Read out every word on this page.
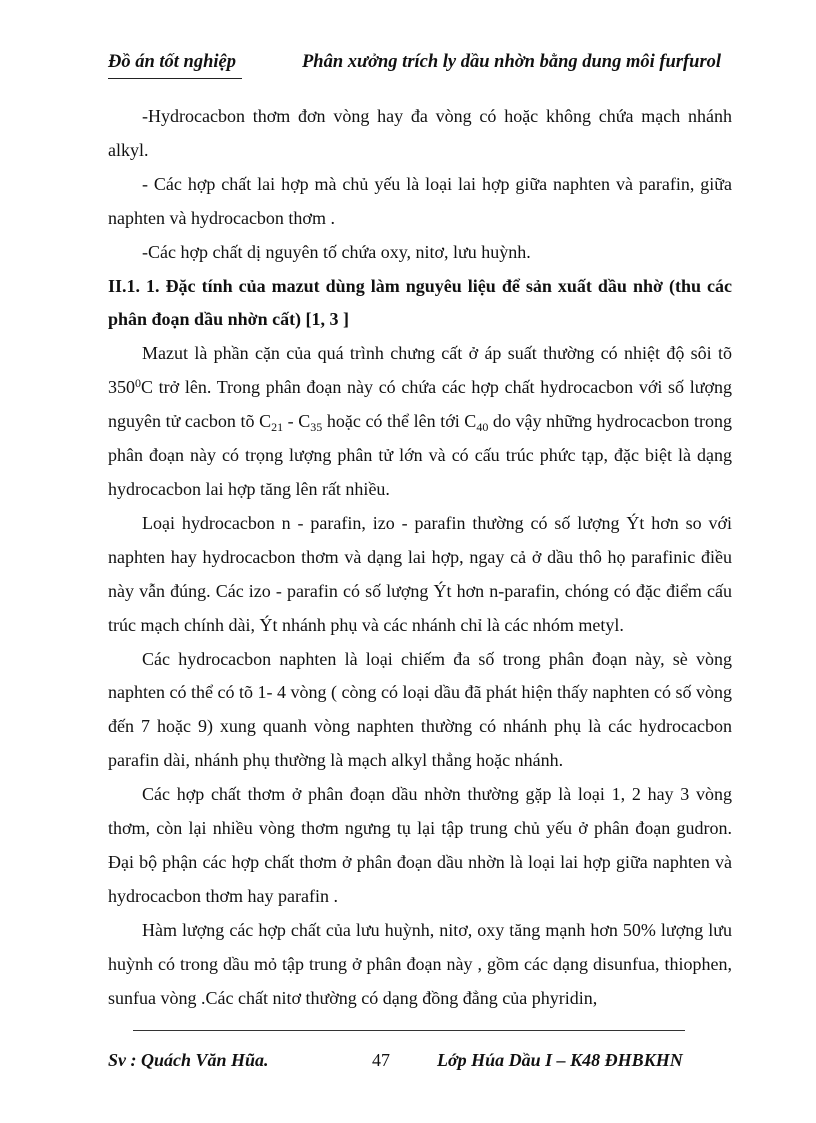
Đồ án tốt nghiệp	Phân xưởng trích ly dầu nhờn bằng dung môi furfurol

-Hydrocacbon thơm đơn vòng hay đa vòng có hoặc không chứa mạch nhánh alkyl.

- Các hợp chất lai hợp mà chủ yếu là loại lai hợp giữa naphten và parafin, giữa naphten và hydrocacbon thơm .

-Các hợp chất dị nguyên tố chứa oxy, nitơ, lưu huỳnh.

II.1. 1. Đặc tính của mazut dùng làm nguyêu liệu để sản xuất dầu nhờ (thu các phân đoạn dầu nhờn cất) [1, 3 ]

Mazut là phần cặn của quá trình chưng cất ở áp suất thường có nhiệt độ sôi tõ $350^0C$ trở lên. Trong phân đoạn này có chứa các hợp chất hydrocacbon với số lượng nguyên tử cacbon tõ $C_{21} - C_{35}$ hoặc có thể lên tới $C_{40}$ do vậy những hydrocacbon trong phân đoạn này có trọng lượng phân tử lớn và có cấu trúc phức tạp, đặc biệt là dạng hydrocacbon lai hợp tăng lên rất nhiều.

Loại hydrocacbon n - parafin, izo - parafin thường có số lượng Ýt hơn so với naphten hay hydrocacbon thơm và dạng lai hợp, ngay cả ở dầu thô họ parafinic điều này vẫn đúng. Các izo - parafin có số lượng Ýt hơn n-parafin, chóng có đặc điểm cấu trúc mạch chính dài, Ýt nhánh phụ và các nhánh chỉ là các nhóm metyl.

Các hydrocacbon naphten là loại chiếm đa số trong phân đoạn này, sè vòng naphten có thể có tõ 1- 4 vòng ( còng có loại dầu đã phát hiện thấy naphten có số vòng đến 7 hoặc 9) xung quanh vòng naphten thường có nhánh phụ là các hydrocacbon parafin dài, nhánh phụ thường là mạch alkyl thẳng hoặc nhánh.

Các hợp chất thơm ở phân đoạn dầu nhờn thường gặp là loại 1, 2 hay 3 vòng thơm, còn lại nhiều vòng thơm ngưng tụ lại tập trung chủ yếu ở phân đoạn gudron. Đại bộ phận các hợp chất thơm ở phân đoạn dầu nhờn là loại lai hợp giữa naphten và hydrocacbon thơm hay parafin .

Hàm lượng các hợp chất của lưu huỳnh, nitơ, oxy tăng mạnh hơn 50% lượng lưu huỳnh có trong dầu mỏ tập trung ở phân đoạn này , gồm các dạng disunfua, thiophen, sunfua vòng .Các chất nitơ thường có dạng đồng đẳng của phyridin,

Sv : Quách Văn Hũa.	47	Lớp Húa Dầu I – K48 ĐHBKHN
